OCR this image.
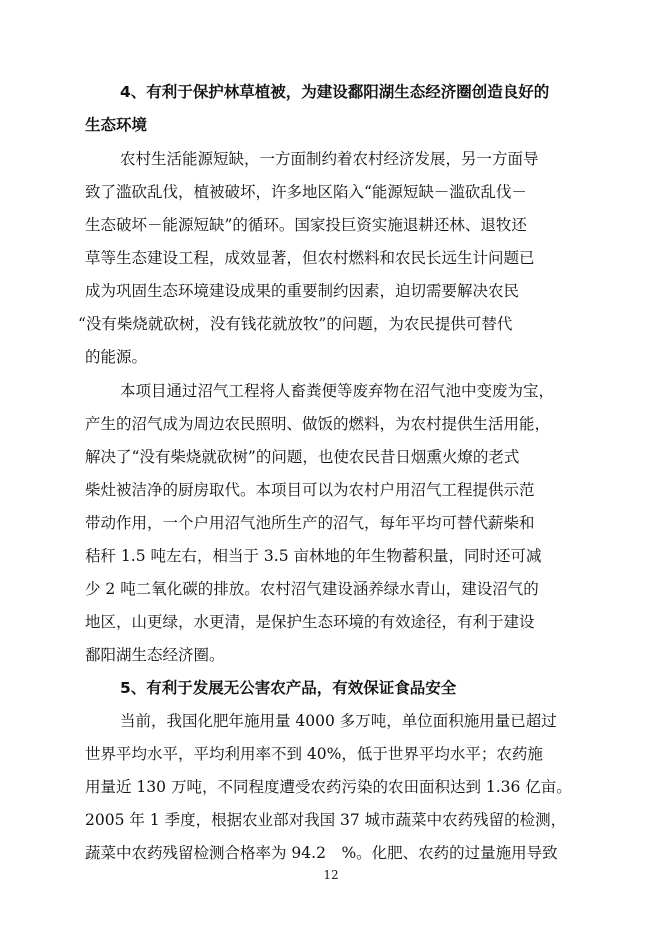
4、有利于保护林草植被，为建设鄱阳湖生态经济圈创造良好的
生态环境
农村生活能源短缺，一方面制约着农村经济发展，另一方面导
致了滥砍乱伐，植被破坏，许多地区陷入“能源短缺－滥砍乱伐－
生态破坏－能源短缺”的循环。国家投巨资实施退耕还林、退牧还
草等生态建设工程，成效显著，但农村燃料和农民长远生计问题已
成为巩固生态环境建设成果的重要制约因素，迫切需要解决农民
“没有柴烧就砍树，没有钱花就放牧”的问题，为农民提供可替代
的能源。
本项目通过沼气工程将人畜粪便等废弃物在沼气池中变废为宝，
产生的沼气成为周边农民照明、做饭的燃料，为农村提供生活用能，
解决了“没有柴烧就砍树”的问题，也使农民昔日烟熏火燎的老式
柴灶被洁净的厨房取代。本项目可以为农村户用沼气工程提供示范
带动作用，一个户用沼气池所生产的沼气，每年平均可替代薪柴和
秸秆 1.5 吨左右，相当于 3.5 亩林地的年生物蓄积量，同时还可减
少 2 吨二氧化碳的排放。农村沼气建设涵养绿水青山，建设沼气的
地区，山更绿，水更清，是保护生态环境的有效途径，有利于建设
鄱阳湖生态经济圈。
5、有利于发展无公害农产品，有效保证食品安全
当前，我国化肥年施用量 4000 多万吨，单位面积施用量已超过
世界平均水平，平均利用率不到 40%，低于世界平均水平；农药施
用量近 130 万吨，不同程度遭受农药污染的农田面积达到 1.36 亿亩。
2005 年 1 季度，根据农业部对我国 37 城市蔬菜中农药残留的检测，
蔬菜中农药残留检测合格率为 94.2　%。化肥、农药的过量施用导致
12
